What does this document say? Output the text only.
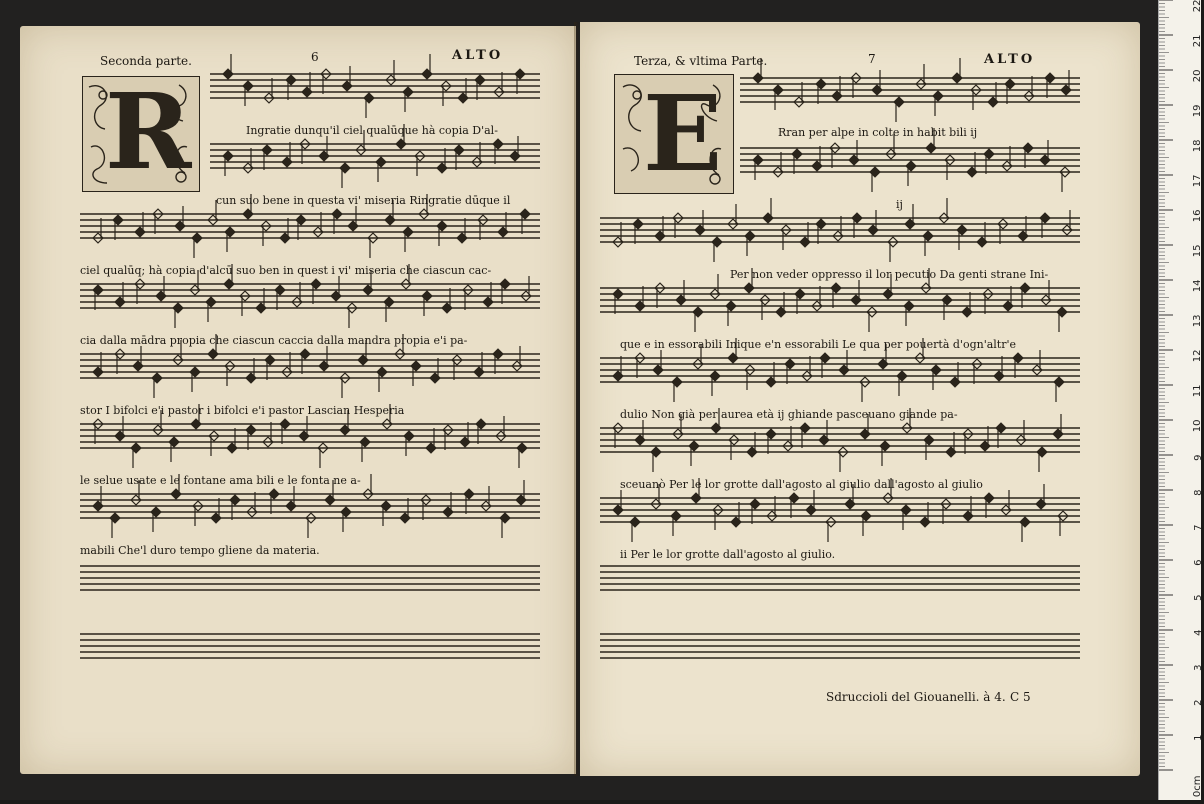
Seconda parte.	6	ALTO
R	Ingratie dunqu'il ciel qualūque hà copia D'al-
cun suo bene in questa vi' miseria Ringratie dūque il
ciel qualūq; hà copia d'alcū suo ben in quest i vi' miseria che ciascun cac-
cia dalla mādra propia che ciascun caccia dalla mandra propia e'i pa-
stor I bifolci e'i pastor i bifolci e'i pastor Lascian Hesperia
le selue usate e le fontane ama bili e le fonta ne a-
mabili Che'l duro tempo gliene da materia.
Terza, & vltima Parte.	7	ALTO
E	Rran per alpe in colte in habit bili ij
ij
Per non veder oppresso il lor pecutio Da genti strane Ini-
que e in essorabili Inique e'n essorabili Le qua per pouertà d'ogn'altr'e
dulio Non già per aurea età ij ghiande pasceuano giande pa-
sceuanò Per le lor grotte dall'agosto al giulio dall'agosto al giulio
ii Per le lor grotte dall'agosto al giulio.
Sdruccioli del Giouanelli. à 4. C 5
0cm
1
2
3
4
5
6
7
8
9
10
11
12
13
14
15
16
17
18
19
20
21
22
